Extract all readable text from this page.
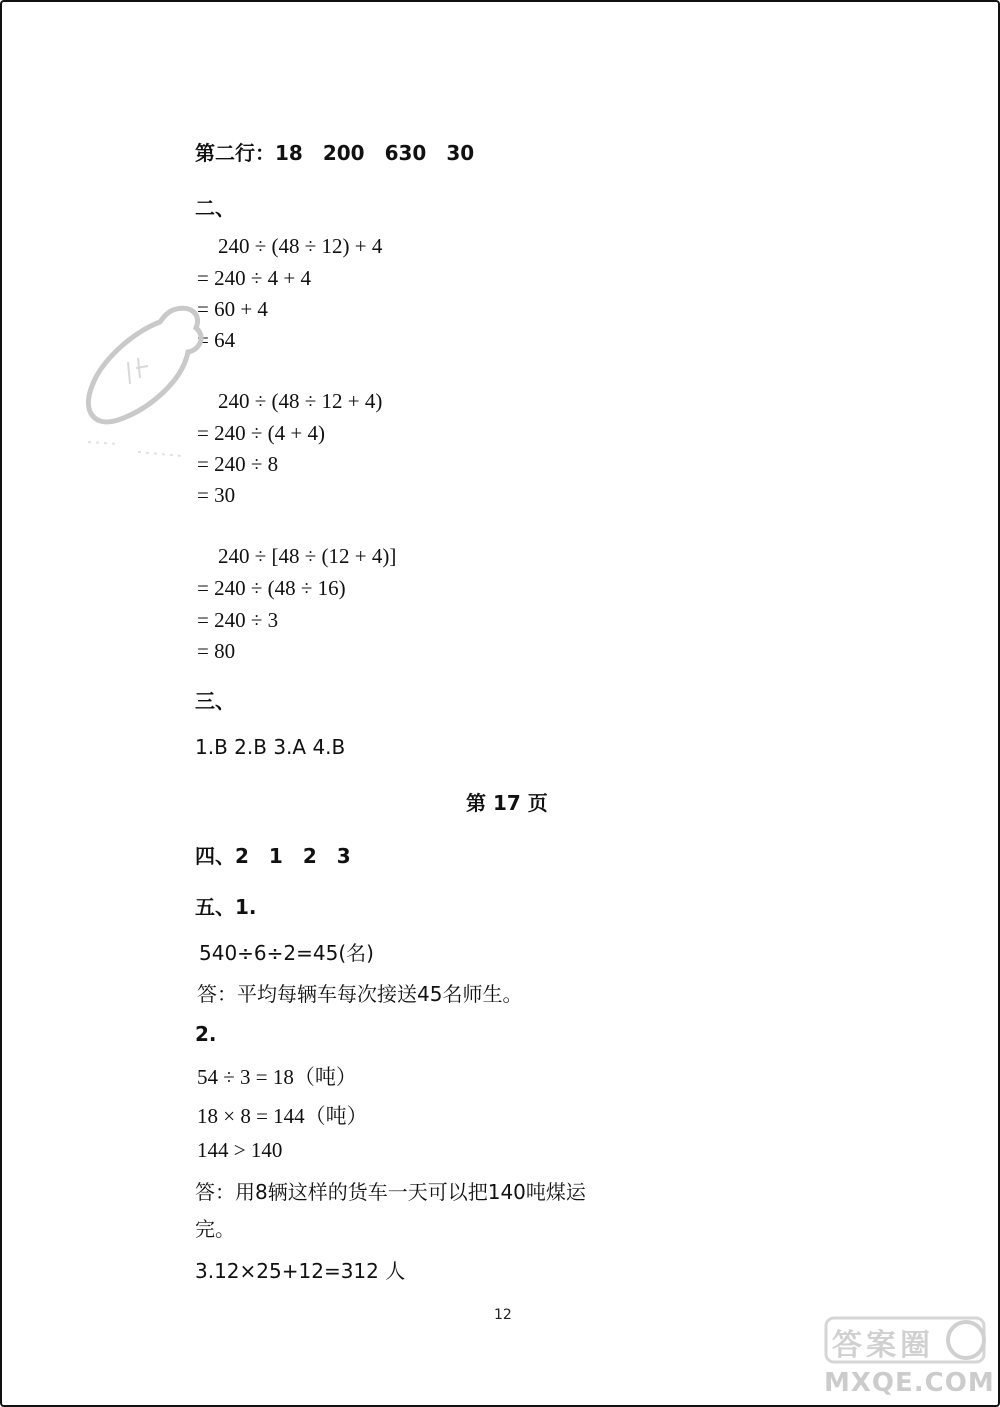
第二行：18　200　630　30
二、
240 ÷ (48 ÷ 12) + 4
= 240 ÷ 4 + 4
= 60 + 4
= 64
240 ÷ (48 ÷ 12 + 4)
= 240 ÷ (4 + 4)
= 240 ÷ 8
= 30
240 ÷ [48 ÷ (12 + 4)]
= 240 ÷ (48 ÷ 16)
= 240 ÷ 3
= 80
三、
1.B 2.B 3.A 4.B
第 17 页
四、2　1　2　3
五、1.
540÷6÷2=45(名)
答：平均每辆车每次接送45名师生。
2.
54 ÷ 3 = 18（吨）
18 × 8 = 144（吨）
144 > 140
答：用8辆这样的货车一天可以把140吨煤运
完。
3.12×25+12=312 人
12
答案圈
MXQE.COM
